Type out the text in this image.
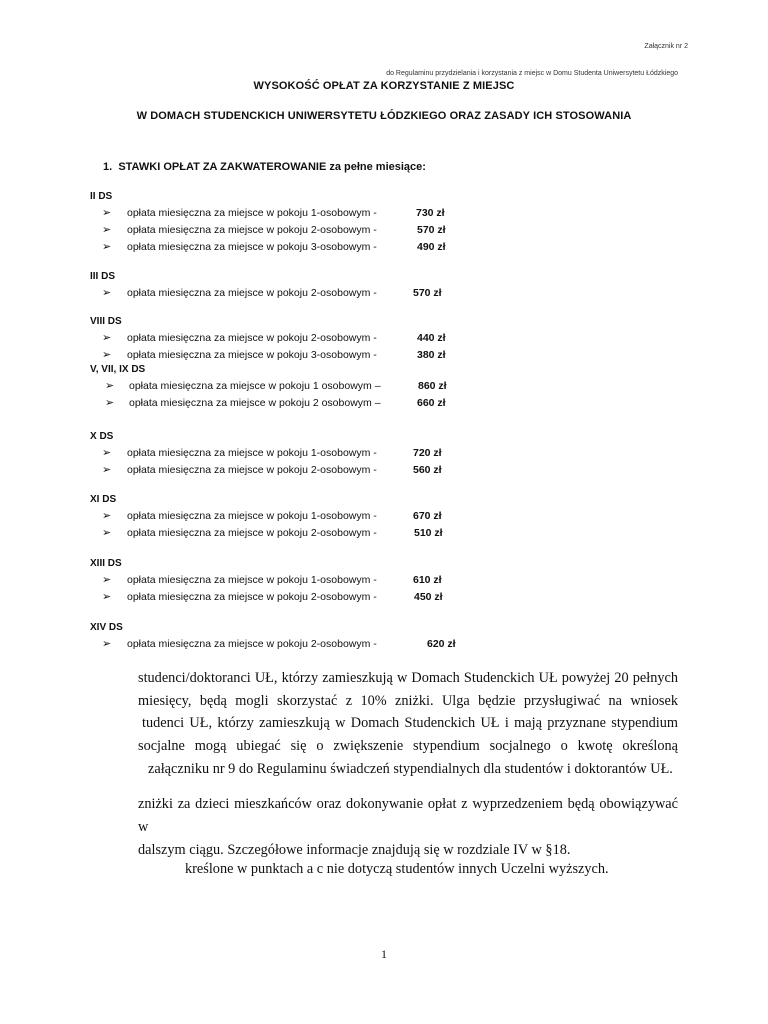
Załącznik nr 2
do Regulaminu przydzielania i korzystania z miejsc w Domu Studenta Uniwersytetu Łódzkiego
WYSOKOŚĆ OPŁAT ZA KORZYSTANIE Z MIEJSC
W DOMACH STUDENCKICH UNIWERSYTETU ŁÓDZKIEGO ORAZ ZASADY ICH STOSOWANIA
1. STAWKI OPŁAT ZA ZAKWATEROWANIE za pełne miesiące:
II DS
➢ opłata miesięczna za miejsce w pokoju 1-osobowym -	730 zł
➢ opłata miesięczna za miejsce w pokoju 2-osobowym -	570 zł
➢ opłata miesięczna za miejsce w pokoju 3-osobowym -	490 zł
III DS
➢ opłata miesięczna za miejsce w pokoju 2-osobowym -	570 zł
VIII DS
➢ opłata miesięczna za miejsce w pokoju 2-osobowym -	440 zł
➢ opłata miesięczna za miejsce w pokoju 3-osobowym -	380 zł
V, VII, IX DS
➢ opłata miesięczna za miejsce w pokoju 1 osobowym –	860 zł
➢ opłata miesięczna za miejsce w pokoju 2 osobowym –	660 zł
X DS
➢ opłata miesięczna za miejsce w pokoju 1-osobowym -	720 zł
➢ opłata miesięczna za miejsce w pokoju 2-osobowym -	560 zł
XI DS
➢ opłata miesięczna za miejsce w pokoju 1-osobowym -	670 zł
➢ opłata miesięczna za miejsce w pokoju 2-osobowym -	510 zł
XIII DS
➢ opłata miesięczna za miejsce w pokoju 1-osobowym -	610 zł
➢ opłata miesięczna za miejsce w pokoju 2-osobowym -	450 zł
XIV DS
➢ opłata miesięczna za miejsce w pokoju 2-osobowym -	620 zł
studenci/doktoranci UŁ, którzy zamieszkują w Domach Studenckich UŁ powyżej 20 pełnych
miesięcy, będą mogli skorzystać z 10% zniżki. Ulga będzie przysługiwać na wniosek
tudenci UŁ, którzy zamieszkują w Domach Studenckich UŁ i mają przyznane stypendium
socjalne mogą ubiegać się o zwiększenie stypendium socjalnego o kwotę określoną
załączniku nr 9 do Regulaminu świadczeń stypendialnych dla studentów i doktorantów UŁ.
zniżki za dzieci mieszkańców oraz dokonywanie opłat z wyprzedzeniem będą obowiązywać w
dalszym ciągu. Szczegółowe informacje znajdują się w rozdziale IV w §18.
kreślone w punktach a c nie dotyczą studentów innych Uczelni wyższych.
1
